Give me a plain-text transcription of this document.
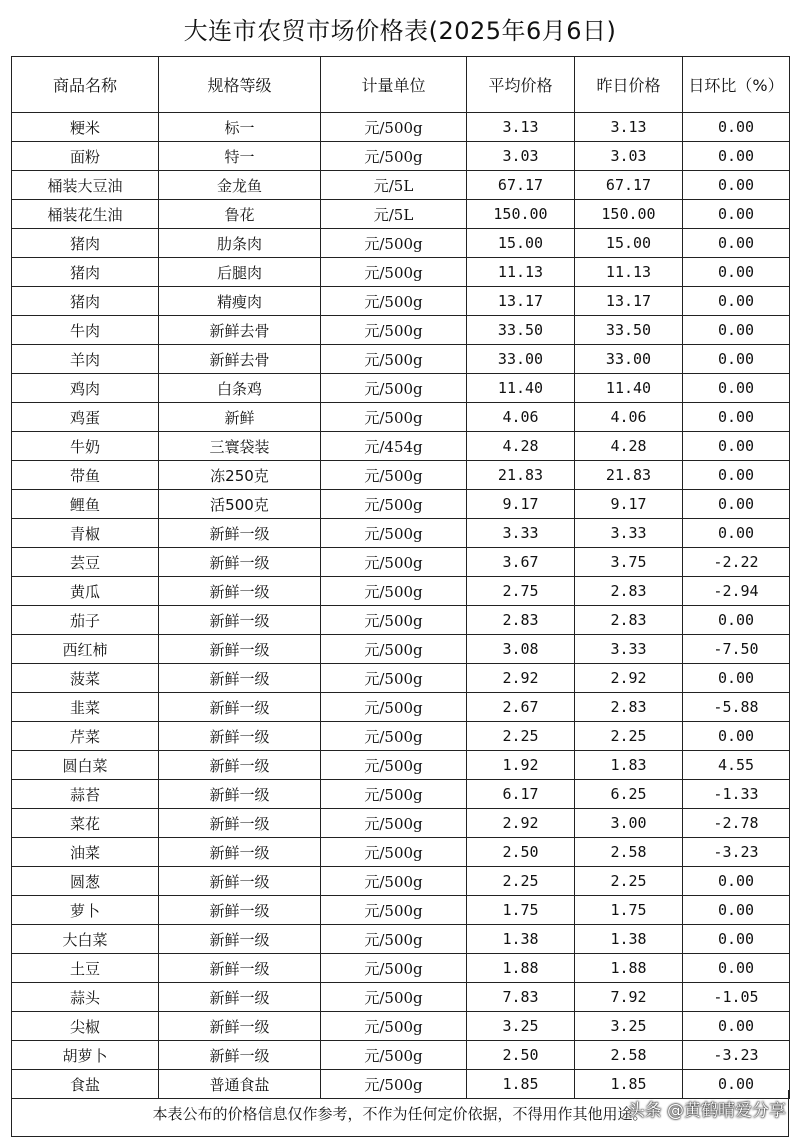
大连市农贸市场价格表(2025年6月6日)
商品名称	规格等级	计量单位	平均价格	昨日价格	日环比（%）
粳米	标一	元/500g	3.13	3.13	0.00
面粉	特一	元/500g	3.03	3.03	0.00
桶装大豆油	金龙鱼	元/5L	67.17	67.17	0.00
桶装花生油	鲁花	元/5L	150.00	150.00	0.00
猪肉	肋条肉	元/500g	15.00	15.00	0.00
猪肉	后腿肉	元/500g	11.13	11.13	0.00
猪肉	精瘦肉	元/500g	13.17	13.17	0.00
牛肉	新鲜去骨	元/500g	33.50	33.50	0.00
羊肉	新鲜去骨	元/500g	33.00	33.00	0.00
鸡肉	白条鸡	元/500g	11.40	11.40	0.00
鸡蛋	新鲜	元/500g	4.06	4.06	0.00
牛奶	三寰袋装	元/454g	4.28	4.28	0.00
带鱼	冻250克	元/500g	21.83	21.83	0.00
鲤鱼	活500克	元/500g	9.17	9.17	0.00
青椒	新鲜一级	元/500g	3.33	3.33	0.00
芸豆	新鲜一级	元/500g	3.67	3.75	-2.22
黄瓜	新鲜一级	元/500g	2.75	2.83	-2.94
茄子	新鲜一级	元/500g	2.83	2.83	0.00
西红柿	新鲜一级	元/500g	3.08	3.33	-7.50
菠菜	新鲜一级	元/500g	2.92	2.92	0.00
韭菜	新鲜一级	元/500g	2.67	2.83	-5.88
芹菜	新鲜一级	元/500g	2.25	2.25	0.00
圆白菜	新鲜一级	元/500g	1.92	1.83	4.55
蒜苔	新鲜一级	元/500g	6.17	6.25	-1.33
菜花	新鲜一级	元/500g	2.92	3.00	-2.78
油菜	新鲜一级	元/500g	2.50	2.58	-3.23
圆葱	新鲜一级	元/500g	2.25	2.25	0.00
萝卜	新鲜一级	元/500g	1.75	1.75	0.00
大白菜	新鲜一级	元/500g	1.38	1.38	0.00
土豆	新鲜一级	元/500g	1.88	1.88	0.00
蒜头	新鲜一级	元/500g	7.83	7.92	-1.05
尖椒	新鲜一级	元/500g	3.25	3.25	0.00
胡萝卜	新鲜一级	元/500g	2.50	2.58	-3.23
食盐	普通食盐	元/500g	1.85	1.85	0.00
本表公布的价格信息仅作参考，不作为任何定价依据，不得用作其他用途。
头条 @黄鹤晴爱分享
